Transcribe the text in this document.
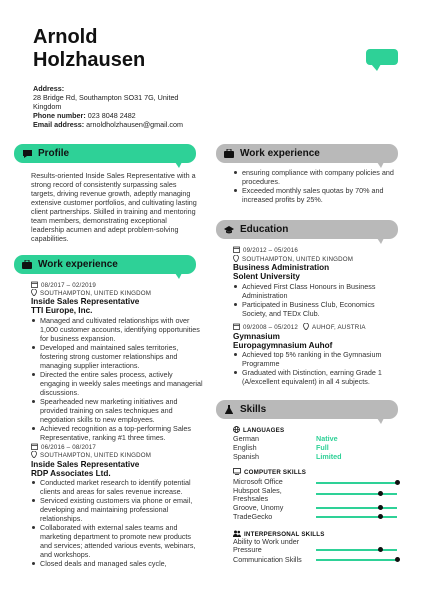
Arnold
Holzhausen
Address:
28 Bridge Rd, Southampton SO31 7G, United Kingdom
Phone number: 023 8048 2482
Email address: arnoldholzhausen@gmail.com
Profile
Results-oriented Inside Sales Representative with a strong record of consistently surpassing sales targets, driving revenue growth, adeptly managing extensive customer portfolios, and cultivating lasting client partnerships. Skilled in training and mentoring team members, demonstrating exceptional leadership acumen and adept problem-solving capabilities.
Work experience
08/2017 – 02/2019
SOUTHAMPTON, UNITED KINGDOM
Inside Sales Representative
TTI Europe, Inc.
Managed and cultivated relationships with over 1,000 customer accounts, identifying opportunities for business expansion.
Developed and maintained sales territories, fostering strong customer relationships and managing supplier interactions.
Directed the entire sales process, actively engaging in weekly sales meetings and managerial discussions.
Spearheaded new marketing initiatives and provided training on sales techniques and negotiation skills to new employees.
Achieved recognition as a top-performing Sales Representative, ranking #1 three times.
06/2016 – 08/2017
SOUTHAMPTON, UNITED KINGDOM
Inside Sales Representative
RDP Associates Ltd.
Conducted market research to identify potential clients and areas for sales revenue increase.
Serviced existing customers via phone or email, developing and maintaining professional relationships.
Collaborated with external sales teams and marketing department to promote new products and services; attended various events, webinars, and workshops.
Closed deals and managed sales cycle,
Work experience
ensuring compliance with company policies and procedures.
Exceeded monthly sales quotas by 70% and increased profits by 25%.
Education
09/2012 – 05/2016
SOUTHAMPTON, UNITED KINGDOM
Business Administration
Solent University
Achieved First Class Honours in Business Administration
Participated in Business Club, Economics Society, and TEDx Club.
09/2008 – 05/2012 AUHOF, AUSTRIA
Gymnasium
Europagymnasium Auhof
Achieved top 5% ranking in the Gymnasium Programme
Graduated with Distinction, earning Grade 1 (A/excellent equivalent) in all 4 subjects.
Skills
LANGUAGES
German	Native
English	Full
Spanish	Limited
COMPUTER SKILLS
Microsoft Office
Hubspot Sales, Freshsales
Groove, Unomy
TradeGecko
INTERPERSONAL SKILLS
Ability to Work under Pressure
Communication Skills
